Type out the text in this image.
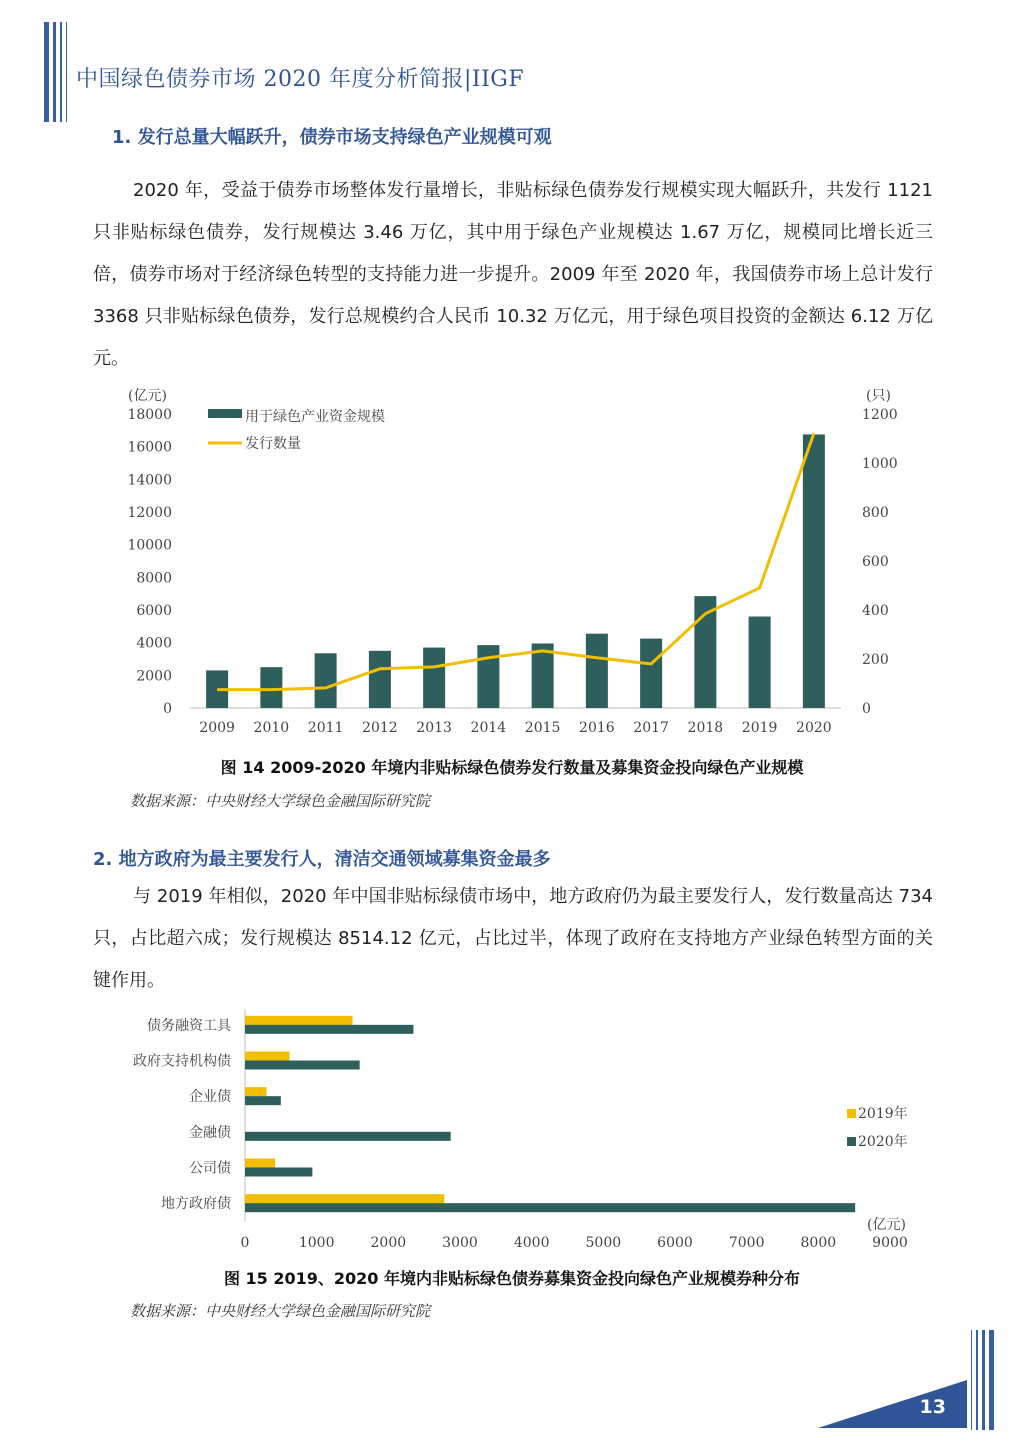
中国绿色债券市场 2020 年度分析简报|IIGF
1. 发行总量大幅跃升，债券市场支持绿色产业规模可观
2020 年，受益于债券市场整体发行量增长，非贴标绿色债券发行规模实现大幅跃升，共发行 1121 只非贴标绿色债券，发行规模达 3.46 万亿，其中用于绿色产业规模达 1.67 万亿，规模同比增长近三倍，债券市场对于经济绿色转型的支持能力进一步提升。2009 年至 2020 年，我国债券市场上总计发行 3368 只非贴标绿色债券，发行总规模约合人民币 10.32 万亿元，用于绿色项目投资的金额达 6.12 万亿元。
0
2000
4000
6000
8000
10000
12000
14000
16000
18000
0
200
400
600
800
1000
1200
2009 2010 2011 2012 2013 2014 2015 2016 2017 2018 2019 2020
(亿元)	(只)
用于绿色产业资金规模
发行数量
图 14 2009-2020 年境内非贴标绿色债券发行数量及募集资金投向绿色产业规模
数据来源：中央财经大学绿色金融国际研究院
2. 地方政府为最主要发行人，清洁交通领域募集资金最多
与 2019 年相似，2020 年中国非贴标绿债市场中，地方政府仍为最主要发行人，发行数量高达 734 只，占比超六成；发行规模达 8514.12 亿元，占比过半，体现了政府在支持地方产业绿色转型方面的关键作用。
债务融资工具
政府支持机构债
企业债
金融债
公司债
地方政府债
0	1000	2000	3000	4000	5000	6000	7000	8000	9000
(亿元)
2019年
2020年
图 15 2019、2020 年境内非贴标绿色债券募集资金投向绿色产业规模券种分布
数据来源：中央财经大学绿色金融国际研究院
13
